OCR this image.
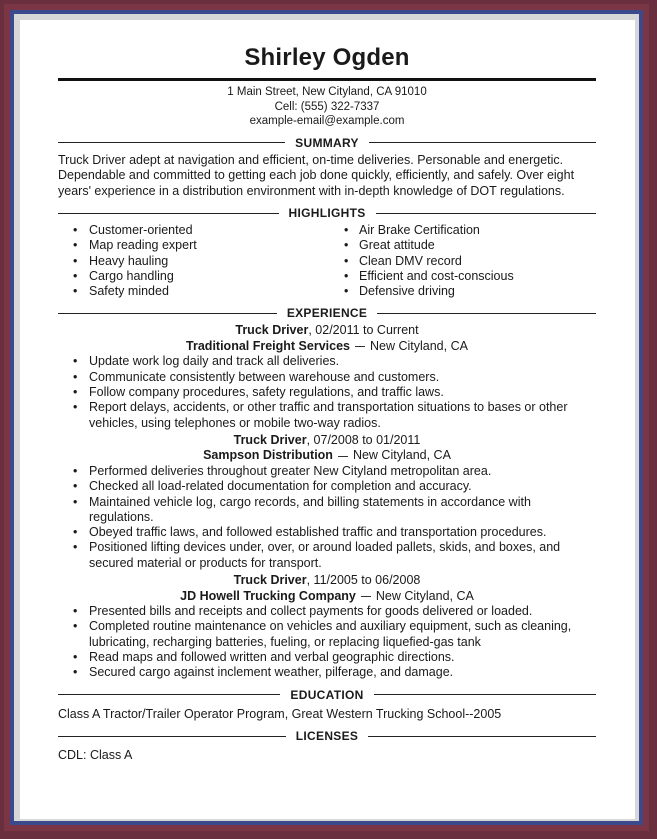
Shirley Ogden
1 Main Street, New Cityland, CA 91010
Cell: (555) 322-7337
example-email@example.com
SUMMARY
Truck Driver adept at navigation and efficient, on-time deliveries. Personable and energetic. Dependable and committed to getting each job done quickly, efficiently, and safely. Over eight years' experience in a distribution environment with in-depth knowledge of DOT regulations.
HIGHLIGHTS
• Customer-oriented
• Map reading expert
• Heavy hauling
• Cargo handling
• Safety minded
• Air Brake Certification
• Great attitude
• Clean DMV record
• Efficient and cost-conscious
• Defensive driving
EXPERIENCE
Truck Driver, 02/2011 to Current
Traditional Freight Services New Cityland, CA
• Update work log daily and track all deliveries.
• Communicate consistently between warehouse and customers.
• Follow company procedures, safety regulations, and traffic laws.
• Report delays, accidents, or other traffic and transportation situations to bases or other vehicles, using telephones or mobile two-way radios.
Truck Driver, 07/2008 to 01/2011
Sampson Distribution New Cityland, CA
• Performed deliveries throughout greater New Cityland metropolitan area.
• Checked all load-related documentation for completion and accuracy.
• Maintained vehicle log, cargo records, and billing statements in accordance with regulations.
• Obeyed traffic laws, and followed established traffic and transportation procedures.
• Positioned lifting devices under, over, or around loaded pallets, skids, and boxes, and secured material or products for transport.
Truck Driver, 11/2005 to 06/2008
JD Howell Trucking Company New Cityland, CA
• Presented bills and receipts and collect payments for goods delivered or loaded.
• Completed routine maintenance on vehicles and auxiliary equipment, such as cleaning, lubricating, recharging batteries, fueling, or replacing liquefied-gas tank
• Read maps and followed written and verbal geographic directions.
• Secured cargo against inclement weather, pilferage, and damage.
EDUCATION
Class A Tractor/Trailer Operator Program, Great Western Trucking School--2005
LICENSES
CDL: Class A
